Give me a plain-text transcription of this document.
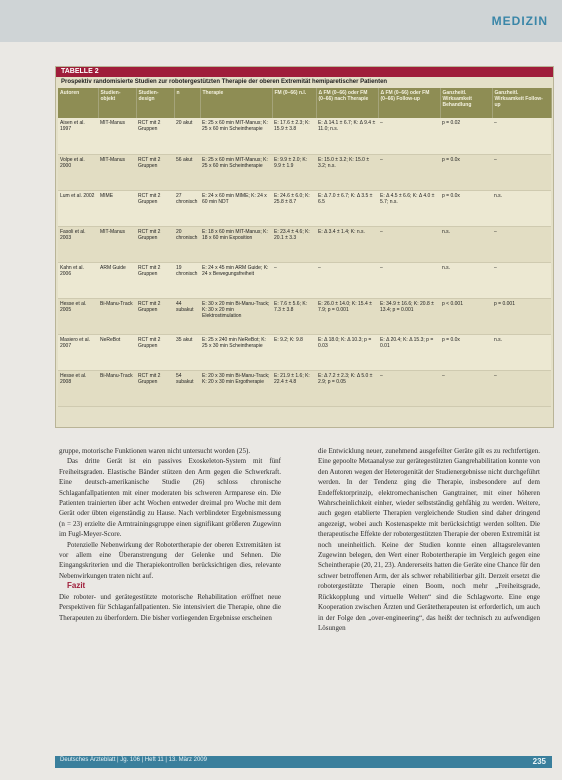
MEDIZIN
TABELLE 2
Prospektiv randomisierte Studien zur robotergestützten Therapie der oberen Extremität hemiparetischer Patienten
Autoren	Studien-objekt	Studien-design	n	Therapie	FM (0–66) n.I.	Δ FM (0–66) oder FM (0–66) nach Therapie	Δ FM (0–66) oder FM (0–66) Follow-up	Ganzheitl. Wirksamkeit Behandlung	Ganzheitl. Wirksamkeit Follow-up
Aisen et al. 1997	MIT-Manus	RCT mit 2 Gruppen	20 akut	E: 25 x 60 min MIT-Manus; K: 25 x 60 min Scheintherapie	E: 17.6 ± 2.3; K: 15.9 ± 3.8	E: Δ 14.1 ± 6.7; K: Δ 9.4 ± 11.0; n.s.	–	p = 0.02	–
Volpe et al. 2000	MIT-Manus	RCT mit 2 Gruppen	56 akut	E: 25 x 60 min MIT-Manus; K: 25 x 60 min Scheintherapie	E: 9.9 ± 2.0; K: 9.9 ± 1.9	E: 15.0 ± 3.2; K: 15.0 ± 3.2; n.s.	–	p = 0.0x	–
Lum et al. 2002	MIME	RCT mit 2 Gruppen	27 chronisch	E: 24 x 60 min MIME; K: 24 x 60 min NDT	E: 24.6 ± 6.0; K: 25.8 ± 8.7	E: Δ 7.0 ± 6.7; K: Δ 3.5 ± 6.5	E: Δ 4.5 ± 6.6; K: Δ 4.0 ± 5.7; n.s.	p = 0.0x	n.s.
Fasoli et al. 2003	MIT-Manus	RCT mit 2 Gruppen	20 chronisch	E: 18 x 60 min MIT-Manus; K: 18 x 60 min Exposition	E: 23.4 ± 4.6; K: 20.1 ± 3.3	E: Δ 3.4 ± 1.4; K: n.s.	–	n.s.	–
Kahn et al. 2006	ARM Guide	RCT mit 2 Gruppen	19 chronisch	E: 24 x 45 min ARM Guide; K: 24 x Bewegungsfreiheit	–	–	–	n.s.	–
Hesse et al. 2005	Bi-Manu-Track	RCT mit 2 Gruppen	44 subakut	E: 30 x 20 min Bi-Manu-Track; K: 30 x 20 min Elektrostimulation	E: 7.6 ± 5.6; K: 7.3 ± 3.8	E: 26.0 ± 14.0; K: 15.4 ± 7.9; p = 0.001	E: 34.9 ± 16.6; K: 20.8 ± 13.4; p = 0.001	p < 0.001	p = 0.001
Masiero et al. 2007	NeReBot	RCT mit 2 Gruppen	35 akut	E: 25 x 240 min NeReBot; K: 25 x 30 min Scheintherapie	E: 9.2; K: 9.8	E: Δ 18.0; K: Δ 10.3; p = 0.03	E: Δ 20.4; K: Δ 15.3; p = 0.01	p = 0.0x	n.s.
Hesse et al. 2008	Bi-Manu-Track	RCT mit 2 Gruppen	54 subakut	E: 20 x 30 min Bi-Manu-Track; K: 20 x 30 min Ergotherapie	E: 21.9 ± 1.6; K: 22.4 ± 4.8	E: Δ 7.2 ± 2.3; K: Δ 5.0 ± 2.9; p = 0.05	–	–	–

gruppe, motorische Funktionen waren nicht untersucht worden (25).

Das dritte Gerät ist ein passives Exoskeleton-System mit fünf Freiheitsgraden. Elastische Bänder stützen den Arm gegen die Schwerkraft. Eine deutsch-amerikanische Studie (26) schloss chronische Schlaganfallpatienten mit einer moderaten bis schweren Armparese ein. Die Patienten trainierten über acht Wochen entweder dreimal pro Woche mit dem Gerät oder übten eigenständig zu Hause. Nach verblindeter Ergebnismessung (n = 23) erzielte die Armtrainingsgruppe einen signifikant größeren Zugewinn im Fugl-Meyer-Score.

Potenzielle Nebenwirkung der Robotertherapie der oberen Extremitäten ist vor allem eine Überanstrengung der Gelenke und Sehnen. Die Eingangskriterien und die Therapiekontrollen berücksichtigen dies, relevante Nebenwirkungen traten nicht auf.

Fazit

Die roboter- und gerätegestützte motorische Rehabilitation eröffnet neue Perspektiven für Schlaganfallpatienten. Sie intensiviert die Therapie, ohne die Therapeuten zu überfordern. Die bisher vorliegenden Ergebnisse erscheinen

die Entwicklung neuer, zunehmend ausgefeilter Geräte gilt es zu rechtfertigen. Eine gepoolte Metaanalyse zur gerätegestützten Gangrehabilitation konnte von den Autoren wegen der Heterogenität der Studienergebnisse nicht durchgeführt werden. In der Tendenz ging die Therapie, insbesondere auf dem Endeffektorprinzip, elektromechanischen Gangtrainer, mit einer höheren Wahrscheinlichkeit einher, wieder selbstständig gehfähig zu werden. Weitere, auch gegen etablierte Therapien vergleichende Studien sind daher dringend angezeigt, wobei auch Kostenaspekte mit berücksichtigt werden sollten. Die therapeutische Effekte der robotergestützten Therapie der oberen Extremität ist noch uneinheitlich. Keine der Studien konnte einen alltagsrelevanten Zugewinn belegen, den Wert einer Robotertherapie im Vergleich gegen eine Scheintherapie (20, 21, 23). Andererseits hatten die Geräte eine Chance für den schwer betroffenen Arm, der als schwer rehabilitierbar gilt. Derzeit ersetzt die robotergestützte Therapie einen Boom, noch mehr „Freiheitsgrade, Rückkopplung und virtuelle Welten“ sind die Schlagworte. Eine enge Kooperation zwischen Ärzten und Gerätetherapeuten ist erforderlich, um auch in der Folge den „over-engineering“, das heißt der technisch zu aufwendigen Lösungen

Deutsches Ärzteblatt | Jg. 106 | Heft 11 | 13. März 2009	235
